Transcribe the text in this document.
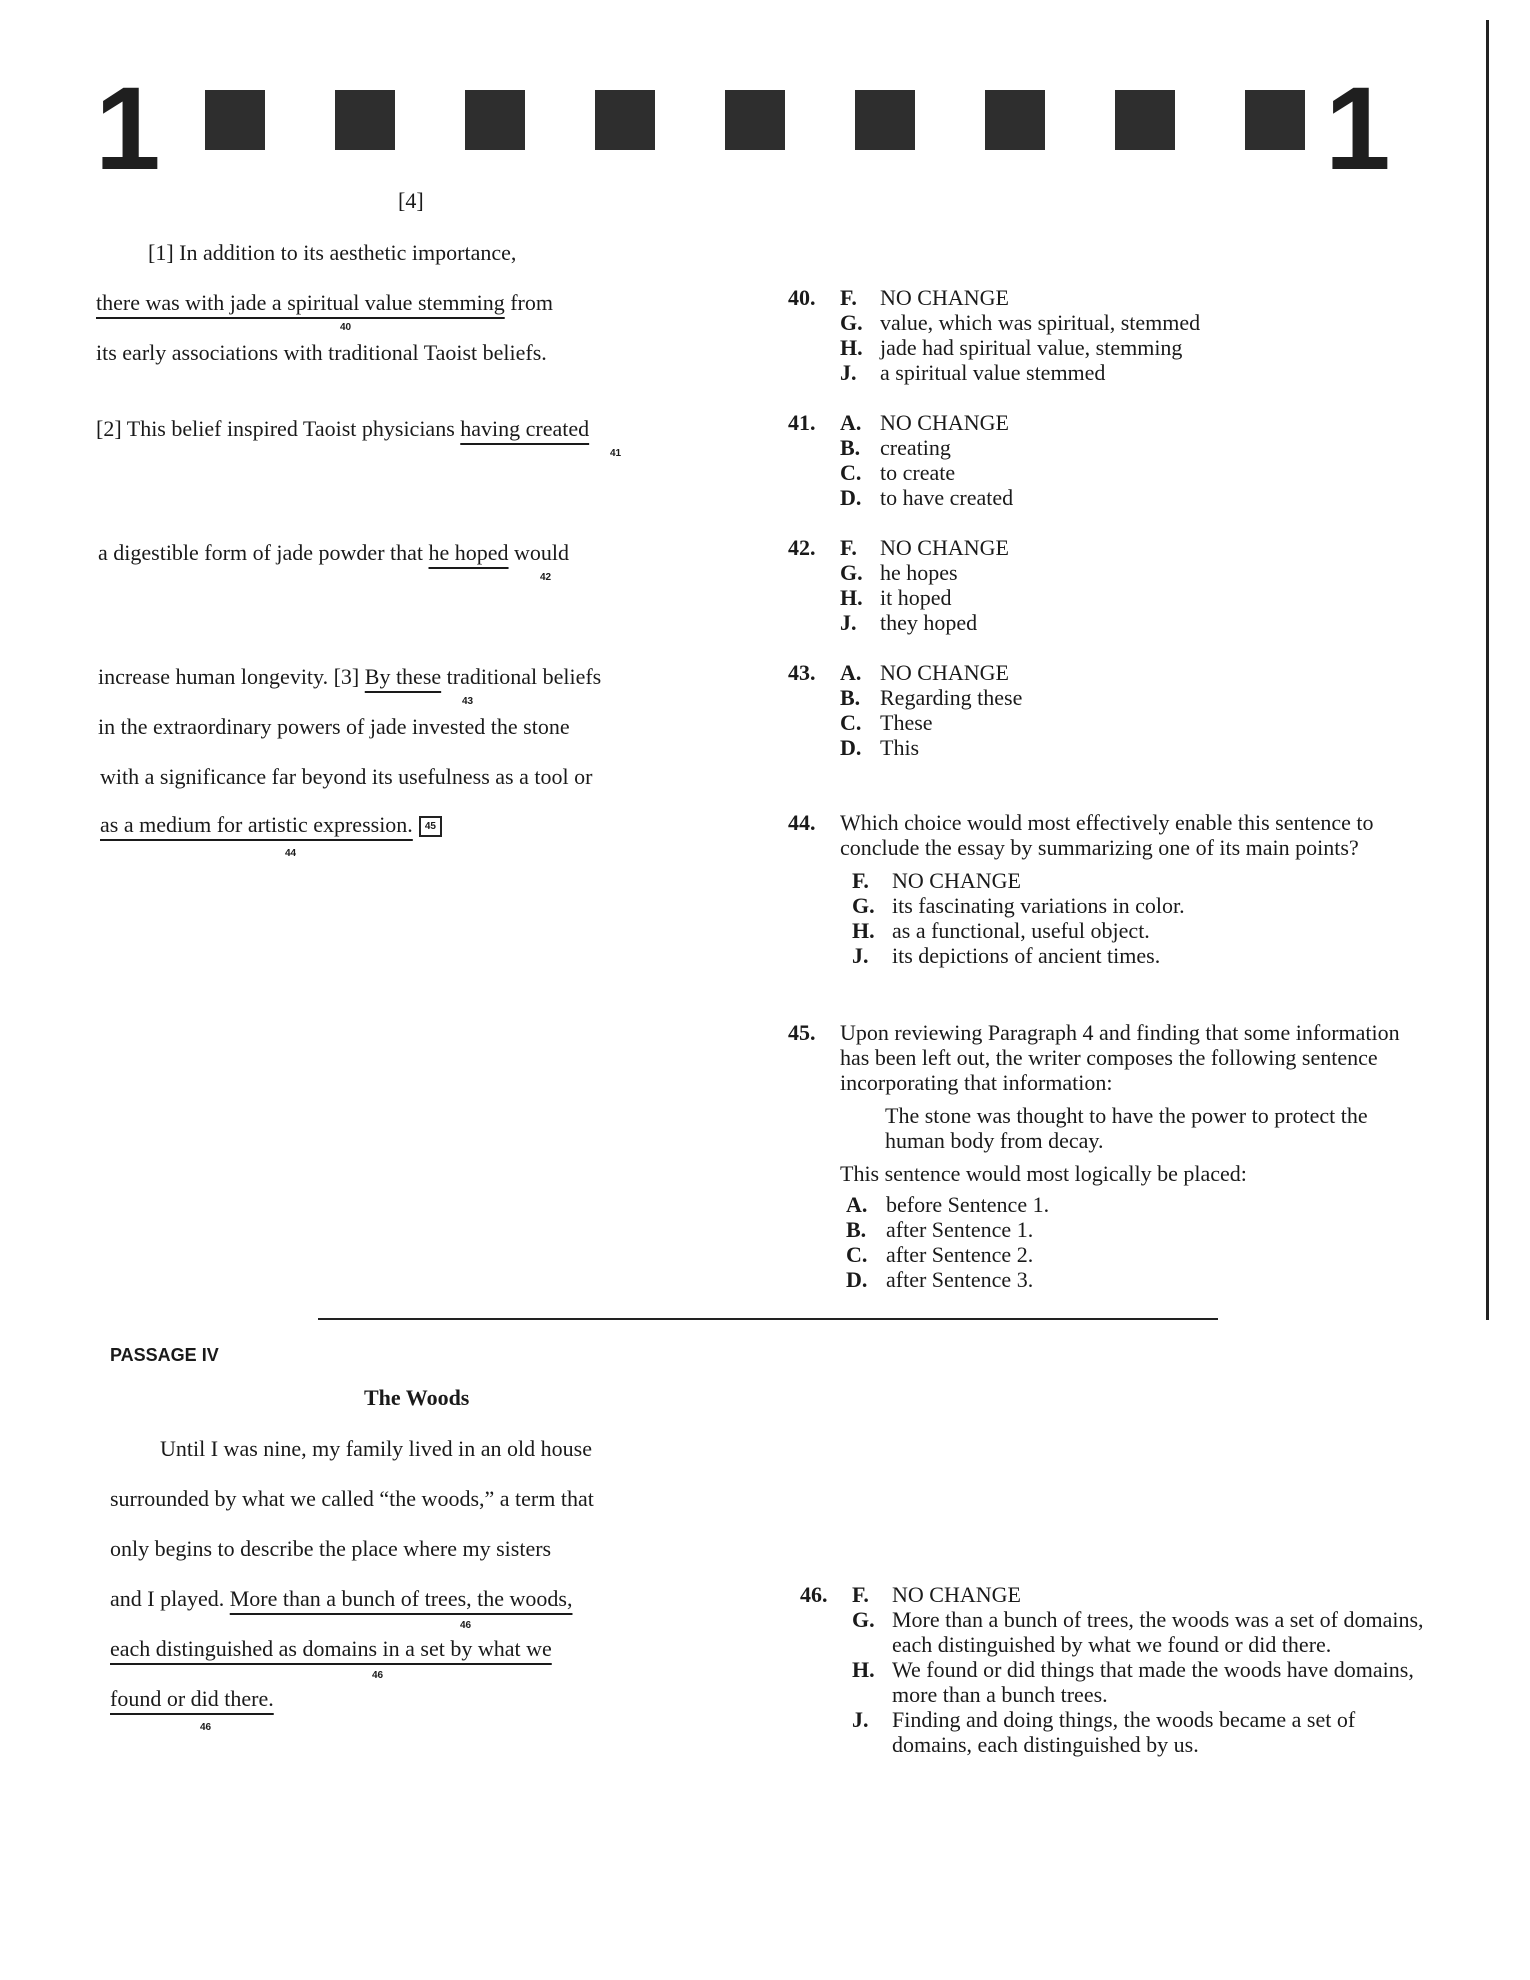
1	1
[4]
[1] In addition to its aesthetic importance,
there was with jade a spiritual value stemming from
40
its early associations with traditional Taoist beliefs.
[2] This belief inspired Taoist physicians having created
41
a digestible form of jade powder that he hoped would
42
increase human longevity. [3] By these traditional beliefs
43
in the extraordinary powers of jade invested the stone
with a significance far beyond its usefulness as a tool or
as a medium for artistic expression. 45
44
40. F. NO CHANGE
G. value, which was spiritual, stemmed
H. jade had spiritual value, stemming
J. a spiritual value stemmed
41. A. NO CHANGE
B. creating
C. to create
D. to have created
42. F. NO CHANGE
G. he hopes
H. it hoped
J. they hoped
43. A. NO CHANGE
B. Regarding these
C. These
D. This
44. Which choice would most effectively enable this sentence to conclude the essay by summarizing one of its main points?
F. NO CHANGE
G. its fascinating variations in color.
H. as a functional, useful object.
J. its depictions of ancient times.
45. Upon reviewing Paragraph 4 and finding that some information has been left out, the writer composes the following sentence incorporating that information:
The stone was thought to have the power to protect the human body from decay.
This sentence would most logically be placed:
A. before Sentence 1.
B. after Sentence 1.
C. after Sentence 2.
D. after Sentence 3.
PASSAGE IV
The Woods
Until I was nine, my family lived in an old house
surrounded by what we called “the woods,” a term that
only begins to describe the place where my sisters
and I played. More than a bunch of trees, the woods,
46
each distinguished as domains in a set by what we
46
found or did there.
46
46. F. NO CHANGE
G. More than a bunch of trees, the woods was a set of domains, each distinguished by what we found or did there.
H. We found or did things that made the woods have domains, more than a bunch trees.
J. Finding and doing things, the woods became a set of domains, each distinguished by us.
